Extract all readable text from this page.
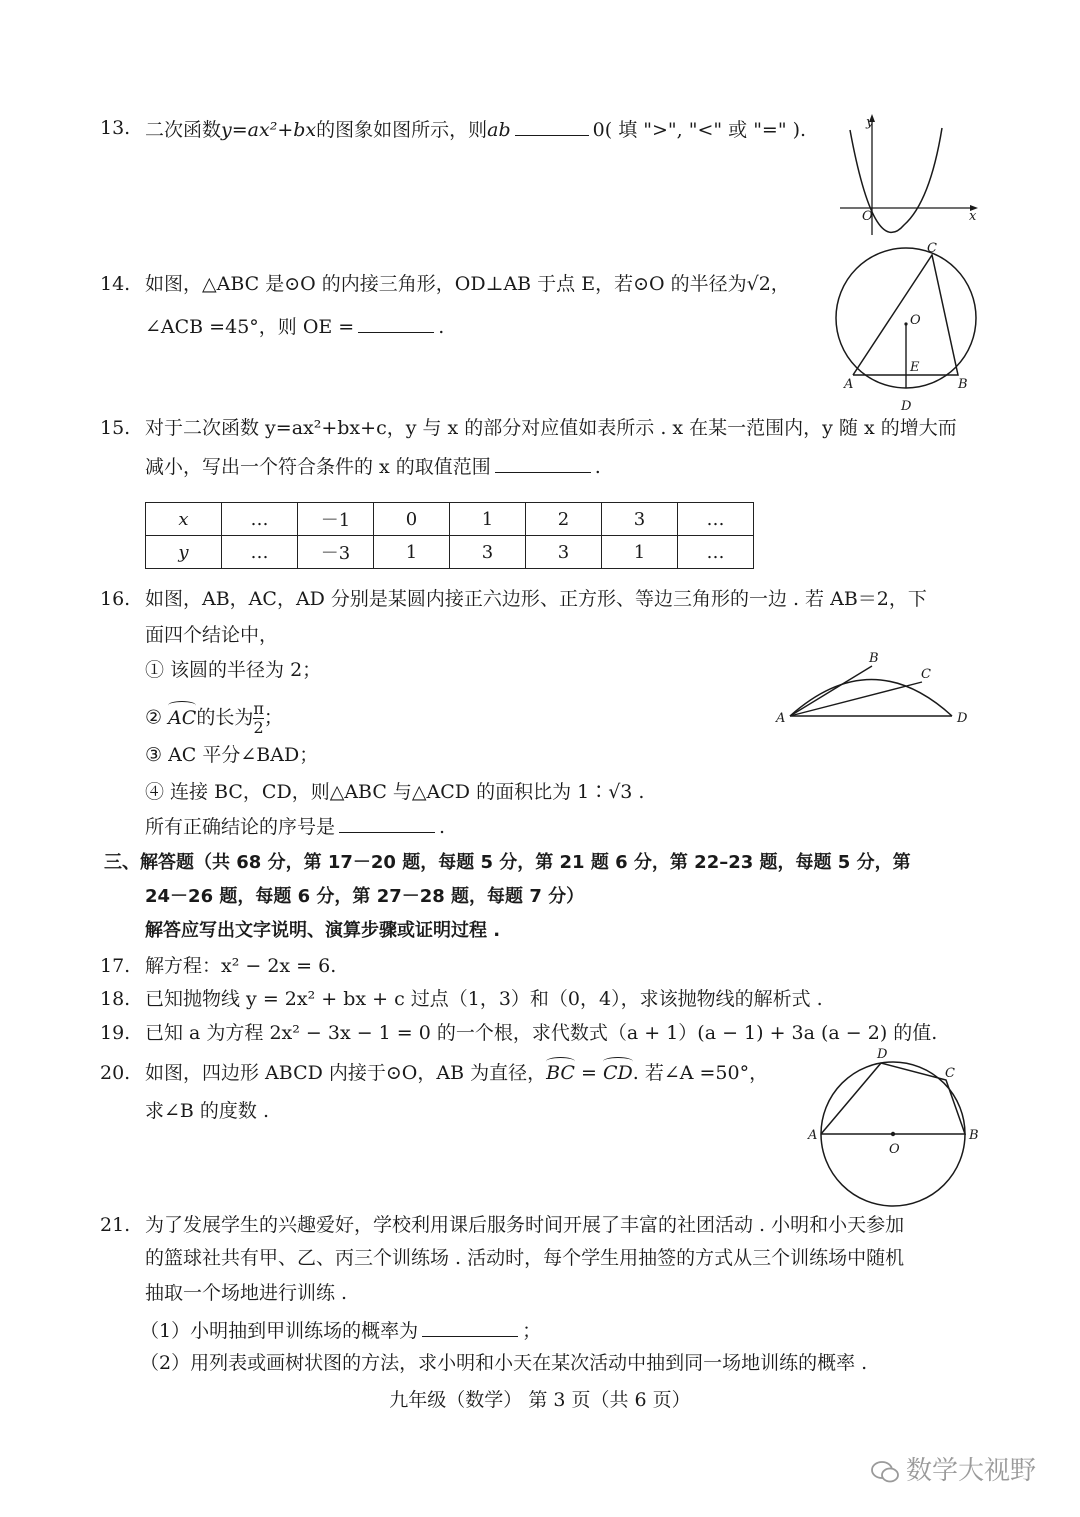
13. 二次函数y=ax²+bx的图象如图所示，则ab	0( 填 ">", "<" 或 "=" ).	y
x
O
14. 如图，△ABC 是⊙O 的内接三角形，OD⊥AB 于点 E，若⊙O 的半径为√2，
∠ACB =45°，则 OE =	.
C
O
E
A	B
D
15. 对于二次函数 y=ax²+bx+c，y 与 x 的部分对应值如表所示 . x 在某一范围内，y 随 x 的增大而
减小，写出一个符合条件的 x 的取值范围	.
x	…	－1	0	1	2	3	…
y	…	－3	1	3	3	1	…
16. 如图，AB，AC，AD 分别是某圆内接正六边形、正方形、等边三角形的一边 . 若 AB＝2，下
面四个结论中，
① 该圆的半径为 2；
② AC
的长为 $\frac{\pi}{2}$ ；
③ AC 平分∠BAD；
④ 连接 BC，CD，则△ABC 与△ACD 的面积比为 1∶√3 .
所有正确结论的序号是	.
A
B
C
D
三、解答题（共 68 分，第 17－20 题，每题 5 分，第 21 题 6 分，第 22–23 题，每题 5 分，第
24－26 题，每题 6 分，第 27－28 题，每题 7 分）
解答应写出文字说明、演算步骤或证明过程 .
17. 解方程：x² − 2x = 6.
18. 已知抛物线 y = 2x² + bx + c 过点（1，3）和（0，4），求该抛物线的解析式 .
19. 已知 a 为方程 2x² − 3x − 1 = 0 的一个根，求代数式（a + 1）(a − 1) + 3a (a − 2) 的值.
20. 如图，四边形 ABCD 内接于⊙O，AB 为直径，BC
= CD
. 若∠A =50°，
求∠B 的度数 .
A	B
C
D
O
21. 为了发展学生的兴趣爱好，学校利用课后服务时间开展了丰富的社团活动 . 小明和小天参加
的篮球社共有甲、乙、丙三个训练场 . 活动时，每个学生用抽签的方式从三个训练场中随机
抽取一个场地进行训练 .
（1）小明抽到甲训练场的概率为	；
（2）用列表或画树状图的方法，求小明和小天在某次活动中抽到同一场地训练的概率 .
九年级（数学） 第 3 页（共 6 页）
数学大视野
